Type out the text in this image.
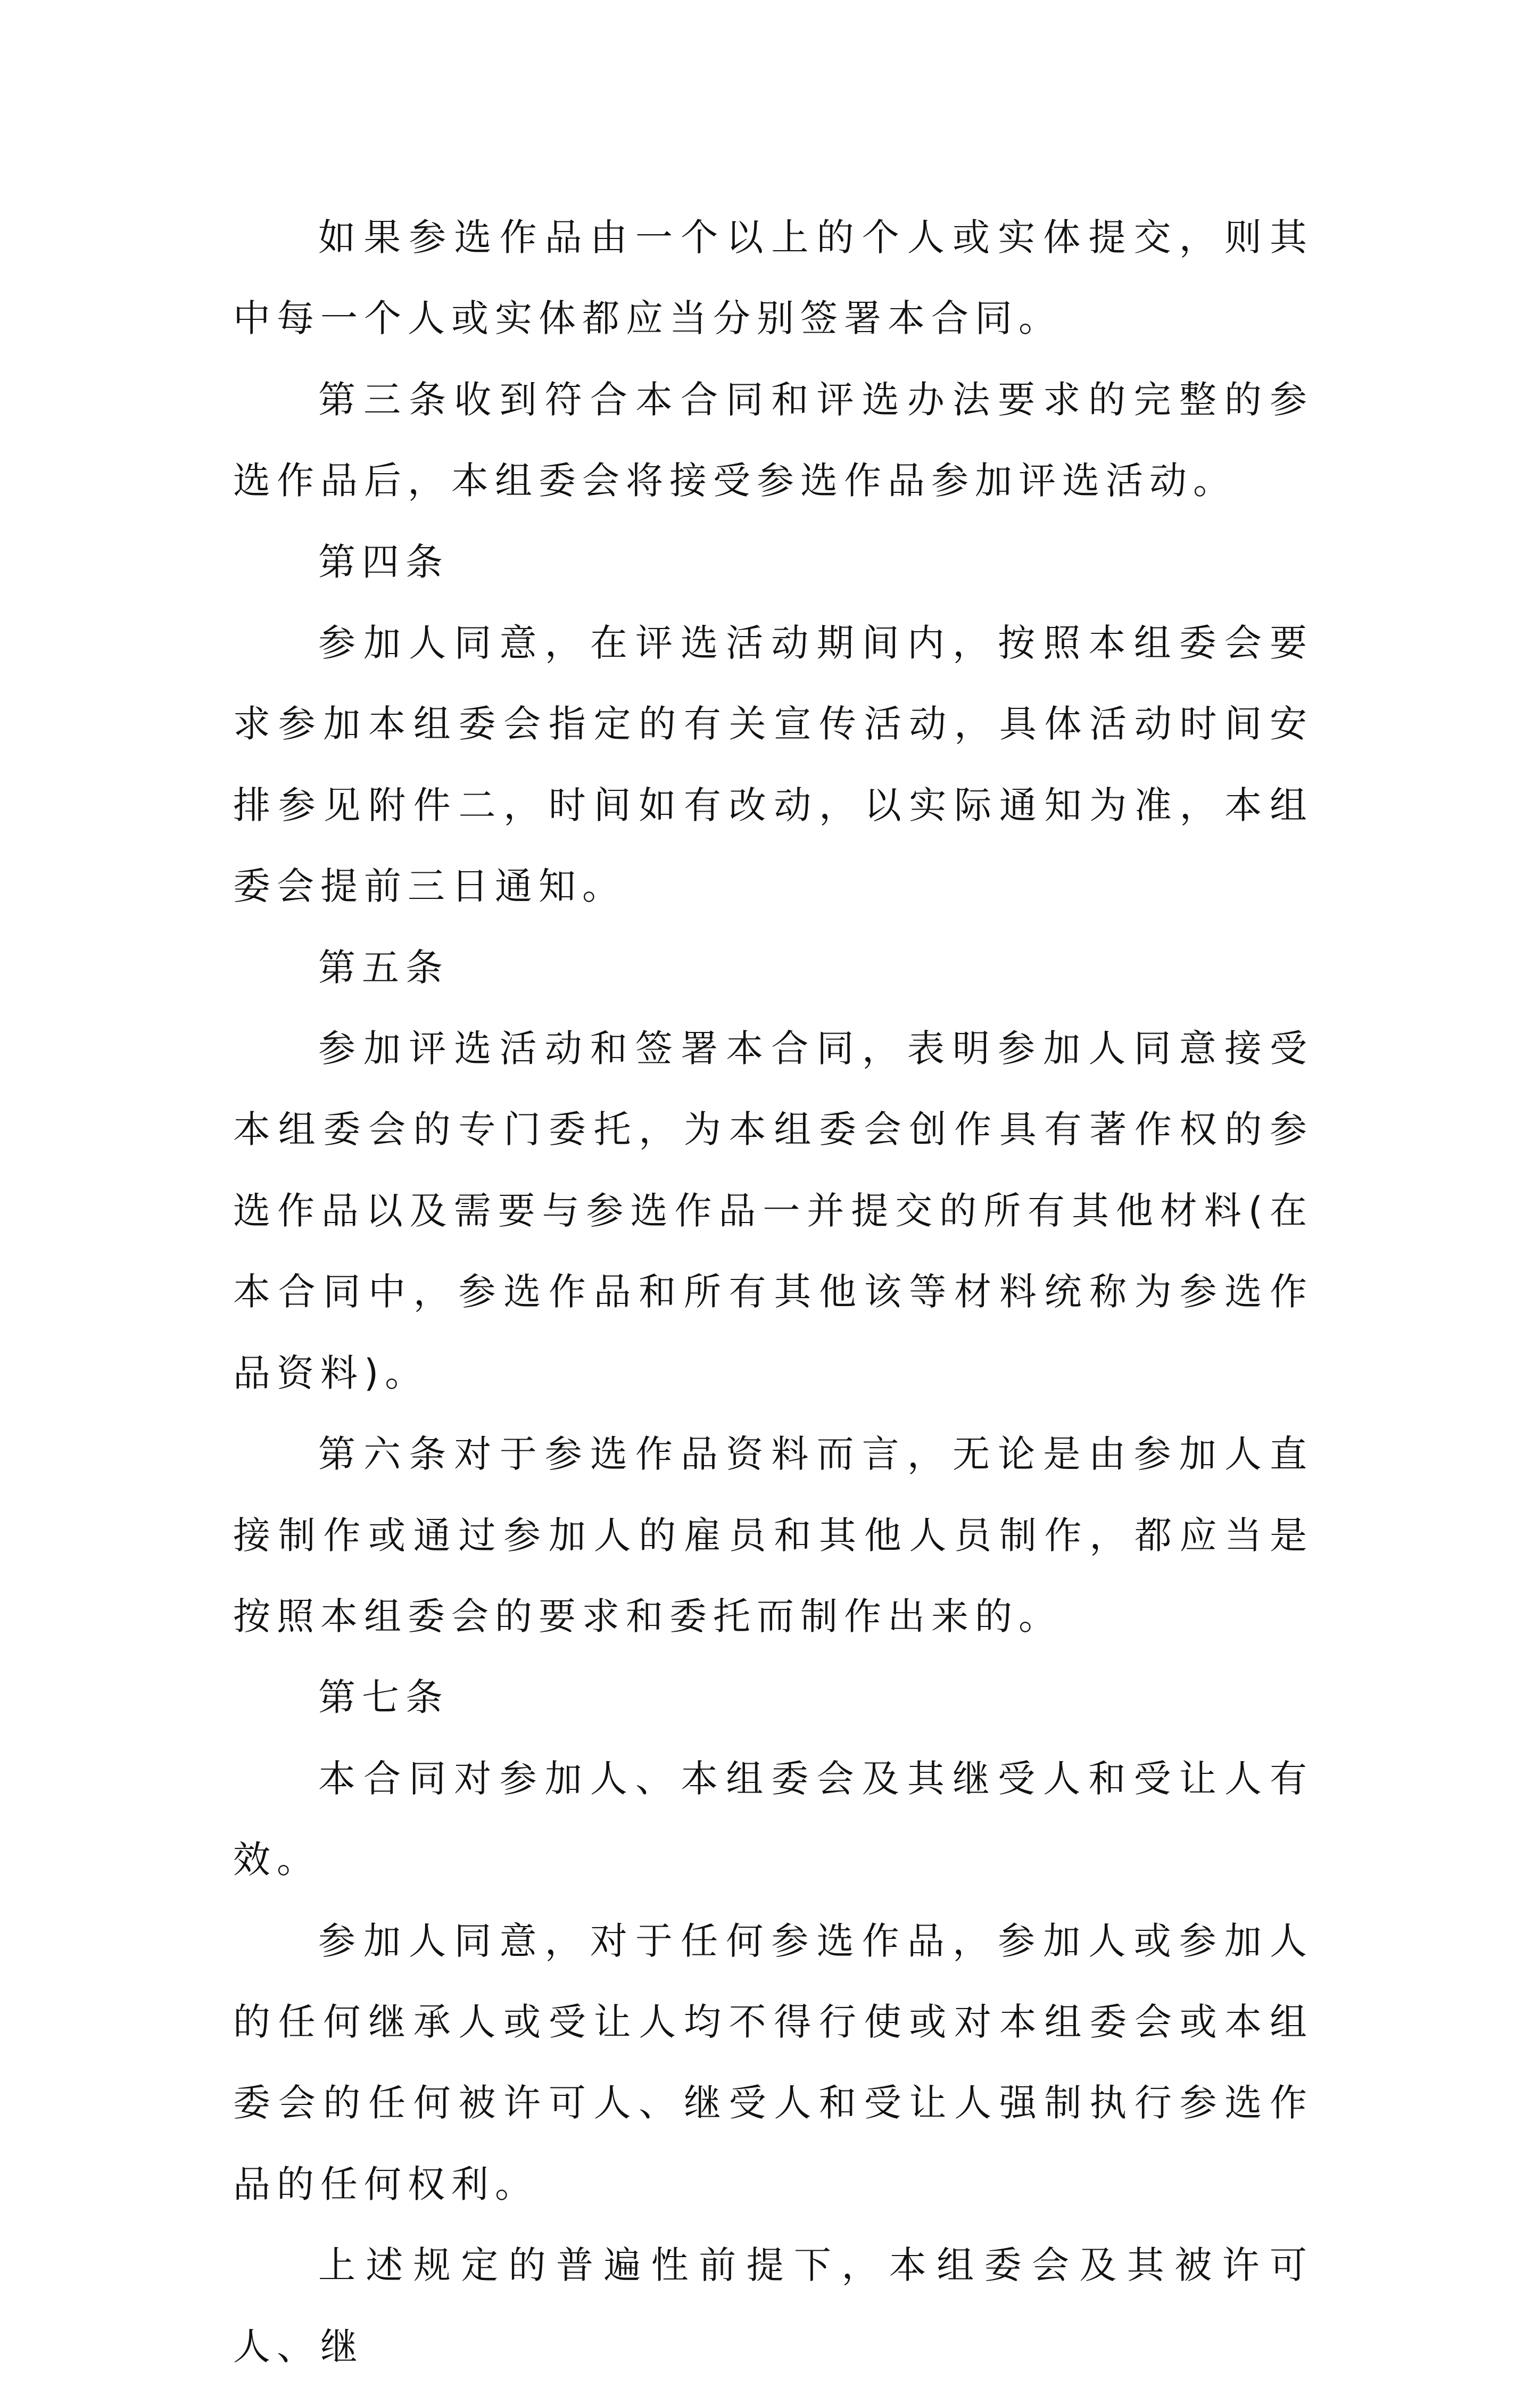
如果参选作品由一个以上的个人或实体提交，则其中每一个人或实体都应当分别签署本合同。

第三条收到符合本合同和评选办法要求的完整的参选作品后，本组委会将接受参选作品参加评选活动。

第四条

参加人同意，在评选活动期间内，按照本组委会要求参加本组委会指定的有关宣传活动，具体活动时间安排参见附件二，时间如有改动，以实际通知为准，本组委会提前三日通知。

第五条

参加评选活动和签署本合同，表明参加人同意接受本组委会的专门委托，为本组委会创作具有著作权的参选作品以及需要与参选作品一并提交的所有其他材料(在本合同中，参选作品和所有其他该等材料统称为参选作品资料)。

第六条对于参选作品资料而言，无论是由参加人直接制作或通过参加人的雇员和其他人员制作，都应当是按照本组委会的要求和委托而制作出来的。

第七条

本合同对参加人、本组委会及其继受人和受让人有效。

参加人同意，对于任何参选作品，参加人或参加人的任何继承人或受让人均不得行使或对本组委会或本组委会的任何被许可人、继受人和受让人强制执行参选作品的任何权利。

上述规定的普遍性前提下，本组委会及其被许可人、继
